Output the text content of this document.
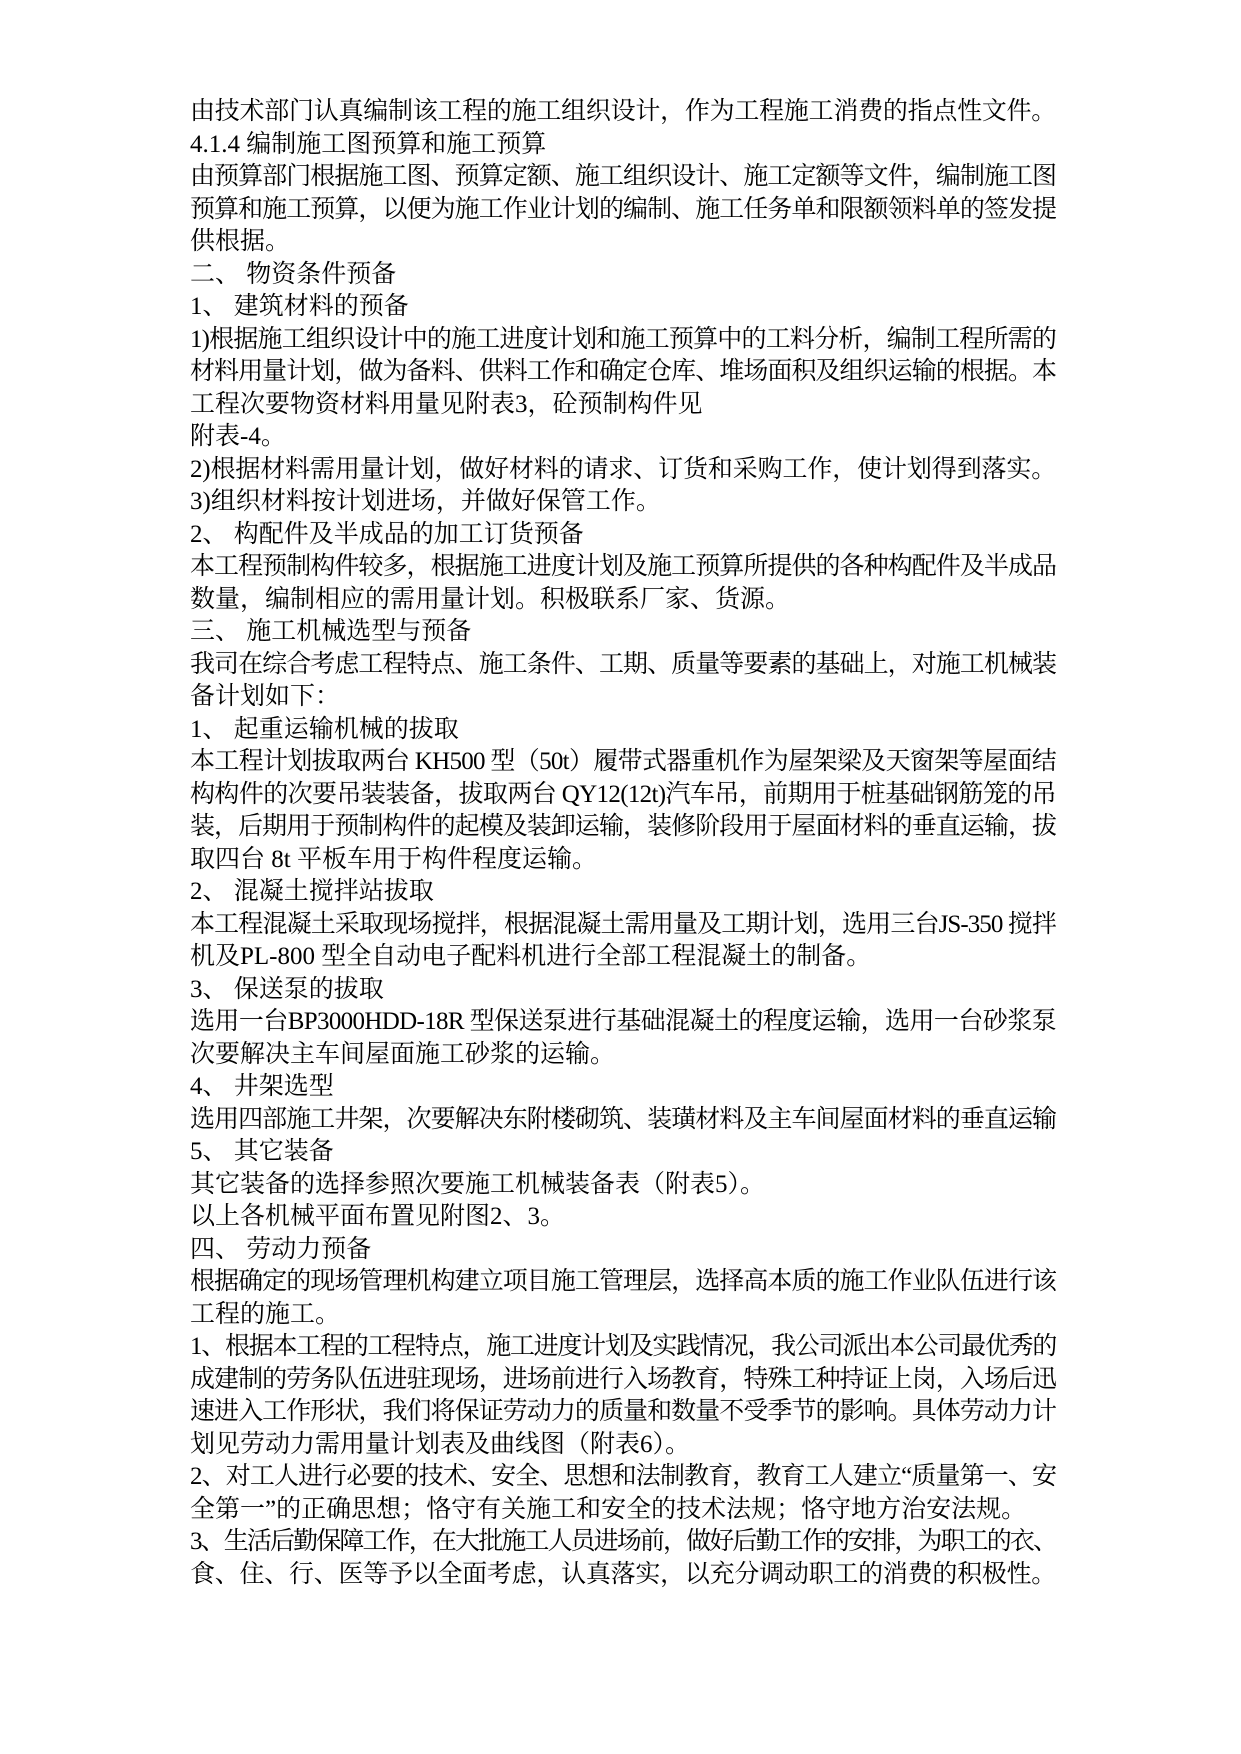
由技术部门认真编制该工程的施工组织设计，作为工程施工消费的指点性文件。
4.1.4 编制施工图预算和施工预算
由预算部门根据施工图、预算定额、施工组织设计、施工定额等文件，编制施工图
预算和施工预算，以便为施工作业计划的编制、施工任务单和限额领料单的签发提
供根据。
二、 物资条件预备
1、 建筑材料的预备
1)根据施工组织设计中的施工进度计划和施工预算中的工料分析，编制工程所需的
材料用量计划，做为备料、供料工作和确定仓库、堆场面积及组织运输的根据。本
工程次要物资材料用量见附表3，砼预制构件见
附表-4。
2)根据材料需用量计划，做好材料的请求、订货和采购工作，使计划得到落实。
3)组织材料按计划进场，并做好保管工作。
2、 构配件及半成品的加工订货预备
本工程预制构件较多，根据施工进度计划及施工预算所提供的各种构配件及半成品
数量，编制相应的需用量计划。积极联系厂家、货源。
三、 施工机械选型与预备
我司在综合考虑工程特点、施工条件、工期、质量等要素的基础上，对施工机械装
备计划如下：
1、 起重运输机械的拔取
本工程计划拔取两台 KH500 型（50t）履带式器重机作为屋架梁及天窗架等屋面结
构构件的次要吊装装备，拔取两台 QY12(12t)汽车吊，前期用于桩基础钢筋笼的吊
装，后期用于预制构件的起模及装卸运输，装修阶段用于屋面材料的垂直运输，拔
取四台 8t 平板车用于构件程度运输。
2、 混凝土搅拌站拔取
本工程混凝土采取现场搅拌，根据混凝土需用量及工期计划，选用三台JS-350 搅拌
机及PL-800 型全自动电子配料机进行全部工程混凝土的制备。
3、 保送泵的拔取
选用一台BP3000HDD-18R 型保送泵进行基础混凝土的程度运输，选用一台砂浆泵
次要解决主车间屋面施工砂浆的运输。
4、 井架选型
选用四部施工井架，次要解决东附楼砌筑、装璜材料及主车间屋面材料的垂直运输
5、 其它装备
其它装备的选择参照次要施工机械装备表（附表5）。
以上各机械平面布置见附图2、3。
四、 劳动力预备
根据确定的现场管理机构建立项目施工管理层，选择高本质的施工作业队伍进行该
工程的施工。
1、根据本工程的工程特点，施工进度计划及实践情况，我公司派出本公司最优秀的
成建制的劳务队伍进驻现场，进场前进行入场教育，特殊工种持证上岗，入场后迅
速进入工作形状，我们将保证劳动力的质量和数量不受季节的影响。具体劳动力计
划见劳动力需用量计划表及曲线图（附表6）。
2、对工人进行必要的技术、安全、思想和法制教育，教育工人建立“质量第一、安
全第一”的正确思想；恪守有关施工和安全的技术法规；恪守地方治安法规。
3、生活后勤保障工作，在大批施工人员进场前，做好后勤工作的安排，为职工的衣、
食、住、行、医等予以全面考虑，认真落实，以充分调动职工的消费的积极性。
